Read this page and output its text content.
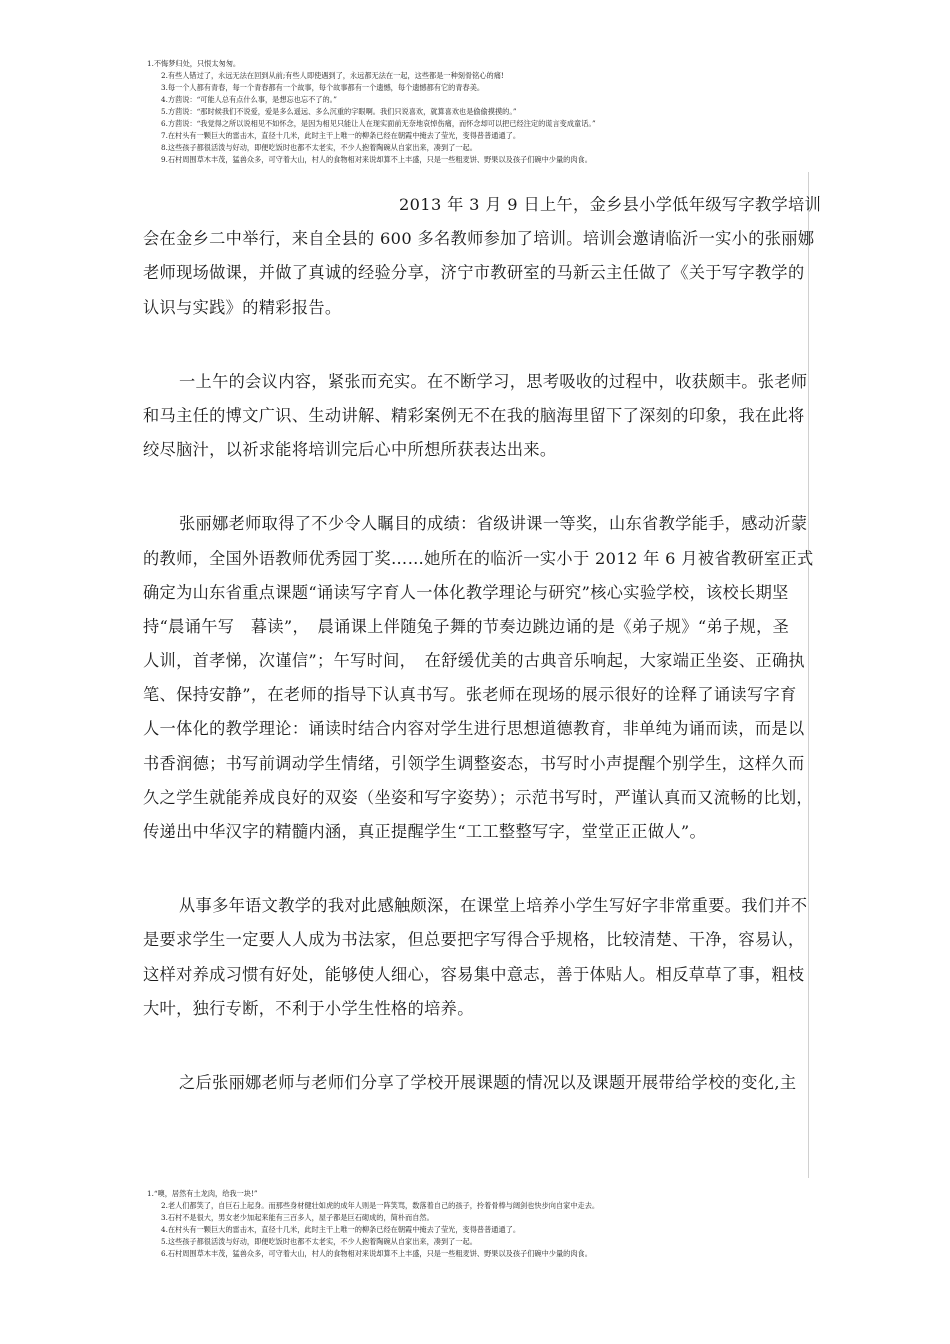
1.不悔梦归处，只恨太匆匆。
2.有些人错过了，永远无法在回到从前;有些人即使遇到了，永远都无法在一起，这些都是一种刻骨铭心的痛!
3.每一个人都有青春，每一个青春都有一个故事，每个故事都有一个遗憾，每个遗憾都有它的青春美。
4.方茴说：“可能人总有点什么事，是想忘也忘不了的。”
5.方茴说：“那时候我们不说爱，爱是多么遥远、多么沉重的字眼啊。我们只说喜欢，就算喜欢也是偷偷摸摸的。”
6.方茴说：“我觉得之所以说相见不如怀念，是因为相见只能让人在现实面前无奈地哀悼伤痛，而怀念却可以把已经注定的谎言变成童话。”
7.在村头有一颗巨大的雷击木，直径十几米，此时主干上唯一的柳条已经在朝霞中掩去了莹光，变得普普通通了。
8.这些孩子都很活泼与好动，即便吃饭时也都不太老实，不少人抱着陶碗从自家出来，凑到了一起。
9.石村周围草木丰茂，猛兽众多，可守着大山，村人的食物相对来说却算不上丰盛，只是一些粗麦饼、野果以及孩子们碗中少量的肉食。
2013 年 3 月 9 日上午，金乡县小学低年级写字教学培训
会在金乡二中举行，来自全县的 600 多名教师参加了培训。培训会邀请临沂一实小的张丽娜
老师现场做课，并做了真诚的经验分享，济宁市教研室的马新云主任做了《关于写字教学的
认识与实践》的精彩报告。
一上午的会议内容，紧张而充实。在不断学习，思考吸收的过程中，收获颇丰。张老师
和马主任的博文广识、生动讲解、精彩案例无不在我的脑海里留下了深刻的印象，我在此将
绞尽脑汁，以祈求能将培训完后心中所想所获表达出来。
张丽娜老师取得了不少令人瞩目的成绩：省级讲课一等奖，山东省教学能手，感动沂蒙
的教师，全国外语教师优秀园丁奖……她所在的临沂一实小于 2012 年 6 月被省教研室正式
确定为山东省重点课题“诵读写字育人一体化教学理论与研究”核心实验学校，该校长期坚
持“晨诵午写　暮读”，　晨诵课上伴随兔子舞的节奏边跳边诵的是《弟子规》“弟子规，圣
人训，首孝悌，次谨信”；午写时间，　在舒缓优美的古典音乐响起，大家端正坐姿、正确执
笔、保持安静”，在老师的指导下认真书写。张老师在现场的展示很好的诠释了诵读写字育
人一体化的教学理论：诵读时结合内容对学生进行思想道德教育，非单纯为诵而读，而是以
书香润德；书写前调动学生情绪，引领学生调整姿态，书写时小声提醒个别学生，这样久而
久之学生就能养成良好的双姿（坐姿和写字姿势）；示范书写时，严谨认真而又流畅的比划，
传递出中华汉字的精髓内涵，真正提醒学生“工工整整写字，堂堂正正做人”。
从事多年语文教学的我对此感触颇深，在课堂上培养小学生写好字非常重要。我们并不
是要求学生一定要人人成为书法家，但总要把字写得合乎规格，比较清楚、干净，容易认，
这样对养成习惯有好处，能够使人细心，容易集中意志，善于体贴人。相反草草了事，粗枝
大叶，独行专断，不利于小学生性格的培养。
之后张丽娜老师与老师们分享了学校开展课题的情况以及课题开展带给学校的变化,主
1.“噢，居然有土龙肉，给我一块!”
2.老人们都笑了，自巨石上起身。而那些身材健壮如虎的成年人则是一阵笑骂，数落着自己的孩子，拎着骨棒与阔剑也快步向自家中走去。
3.石村不是很大，男女老少加起来能有三百多人，屋子都是巨石砌成的，简朴而自然。
4.在村头有一颗巨大的雷击木，直径十几米，此时主干上唯一的柳条已经在朝霞中掩去了莹光，变得普普通通了。
5.这些孩子都很活泼与好动，即便吃饭时也都不太老实，不少人抱着陶碗从自家出来，凑到了一起。
6.石村周围草木丰茂，猛兽众多，可守着大山，村人的食物相对来说却算不上丰盛，只是一些粗麦饼、野果以及孩子们碗中少量的肉食。
